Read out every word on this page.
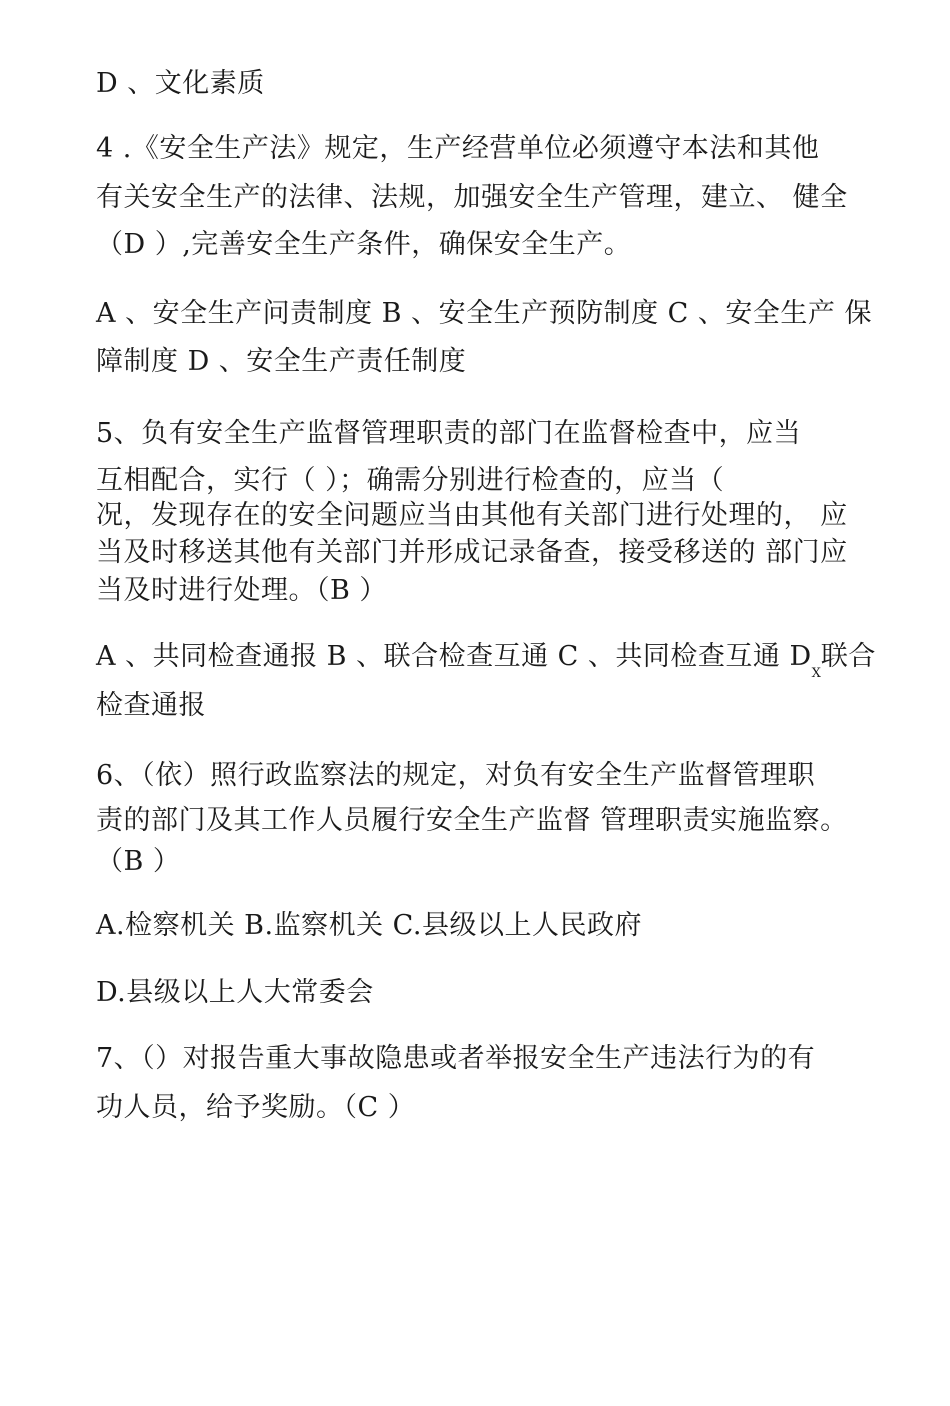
D 、文化素质
4 .《安全生产法》规定，生产经营单位必须遵守本法和其他
有关安全生产的法律、法规，加强安全生产管理，建立、 健全
（D ）,完善安全生产条件，确保安全生产。
A 、安全生产问责制度 B 、安全生产预防制度 C 、安全生产 保
障制度 D 、安全生产责任制度
5、负有安全生产监督管理职责的部门在监督检查中，应当
互相配合，实行（ ）；确需分别进行检查的，应当（
况，发现存在的安全问题应当由其他有关部门进行处理的， 应
当及时移送其他有关部门并形成记录备查，接受移送的 部门应
当及时进行处理。（B ）
A 、共同检查通报 B 、联合检查互通 C 、共同检查互通 $D_X$联合
检查通报
6、（依）照行政监察法的规定，对负有安全生产监督管理职
责的部门及其工作人员履行安全生产监督 管理职责实施监察。
（B ）
A.检察机关 B.监察机关 C.县级以上人民政府
D.县级以上人大常委会
7、（）对报告重大事故隐患或者举报安全生产违法行为的有
功人员，给予奖励。（C ）
